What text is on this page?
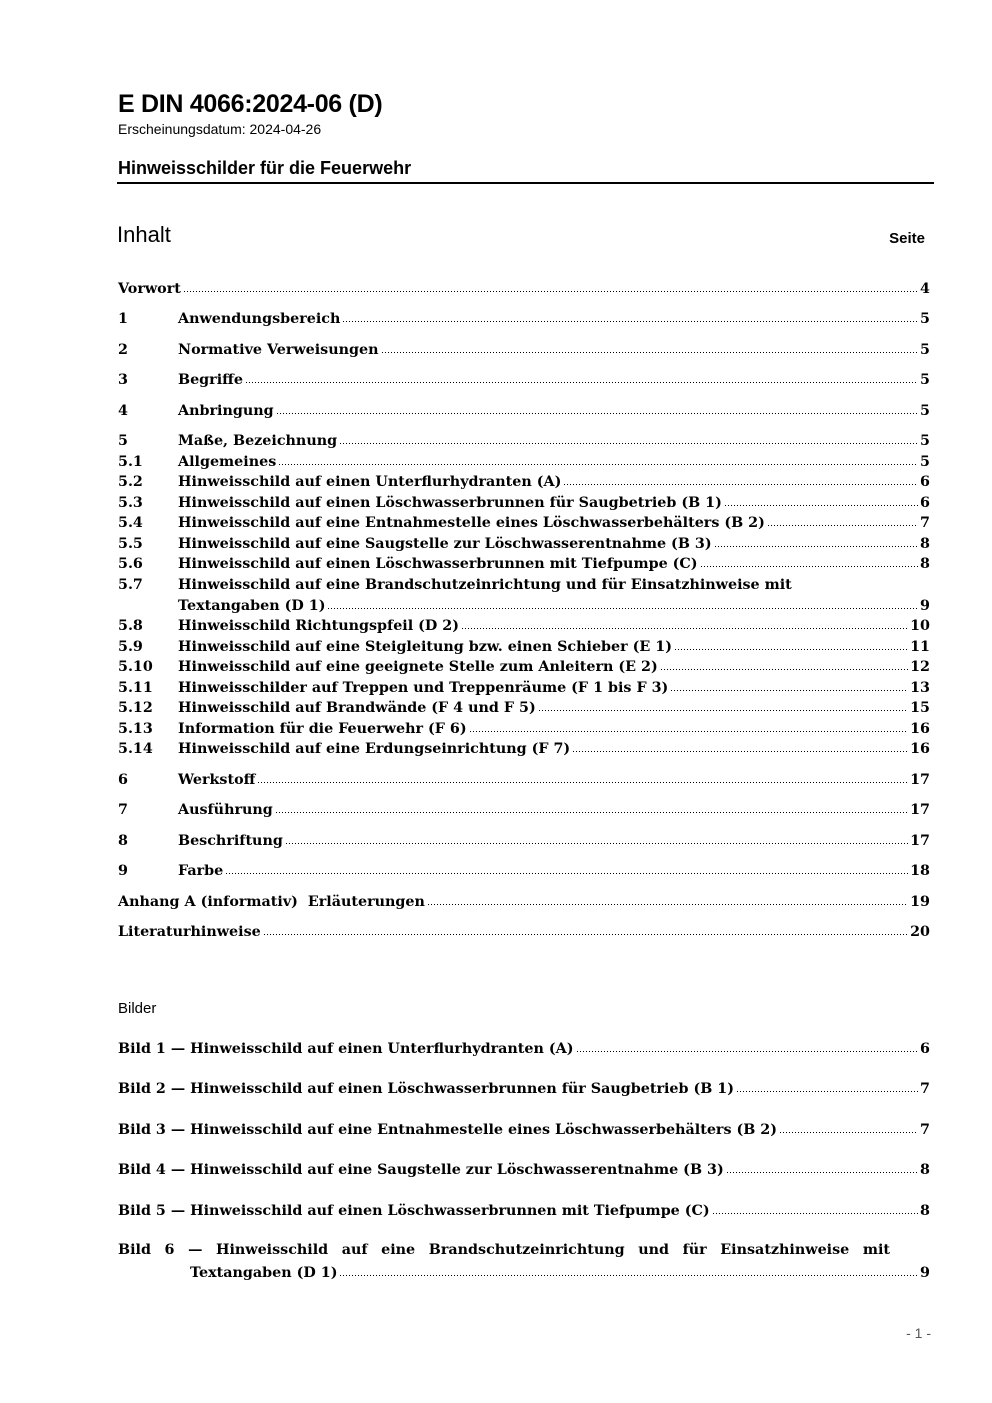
E DIN 4066:2024-06 (D)
Erscheinungsdatum: 2024-04-26
Hinweisschilder für die Feuerwehr
Inhalt	Seite
Vorwort	4
1	Anwendungsbereich	5
2	Normative Verweisungen	5
3	Begriffe	5
4	Anbringung	5
5	Maße, Bezeichnung	5
5.1	Allgemeines	5
5.2	Hinweisschild auf einen Unterflurhydranten (A)	6
5.3	Hinweisschild auf einen Löschwasserbrunnen für Saugbetrieb (B 1)	6
5.4	Hinweisschild auf eine Entnahmestelle eines Löschwasserbehälters (B 2)	7
5.5	Hinweisschild auf eine Saugstelle zur Löschwasserentnahme (B 3)	8
5.6	Hinweisschild auf einen Löschwasserbrunnen mit Tiefpumpe (C)	8
5.7 Hinweisschild auf eine Brandschutzeinrichtung und für Einsatzhinweise mit
Textangaben (D 1)	9
5.8	Hinweisschild Richtungspfeil (D 2)	10
5.9	Hinweisschild auf eine Steigleitung bzw. einen Schieber (E 1)	11
5.10	Hinweisschild auf eine geeignete Stelle zum Anleitern (E 2)	12
5.11	Hinweisschilder auf Treppen und Treppenräume (F 1 bis F 3)	13
5.12	Hinweisschild auf Brandwände (F 4 und F 5)	15
5.13	Information für die Feuerwehr (F 6)	16
5.14	Hinweisschild auf eine Erdungseinrichtung (F 7)	16
6	Werkstoff	17
7	Ausführung	17
8	Beschriftung	17
9	Farbe	18
Anhang A (informativ)  Erläuterungen	19
Literaturhinweise	20
Bilder
Bild 1 — Hinweisschild auf einen Unterflurhydranten (A)	6
Bild 2 — Hinweisschild auf einen Löschwasserbrunnen für Saugbetrieb (B 1)	7
Bild 3 — Hinweisschild auf eine Entnahmestelle eines Löschwasserbehälters (B 2)	7
Bild 4 — Hinweisschild auf eine Saugstelle zur Löschwasserentnahme (B 3)	8
Bild 5 — Hinweisschild auf einen Löschwasserbrunnen mit Tiefpumpe (C)	8
Bild 6 — Hinweisschild auf eine Brandschutzeinrichtung und für Einsatzhinweise mit
Textangaben (D 1)	9
- 1 -
